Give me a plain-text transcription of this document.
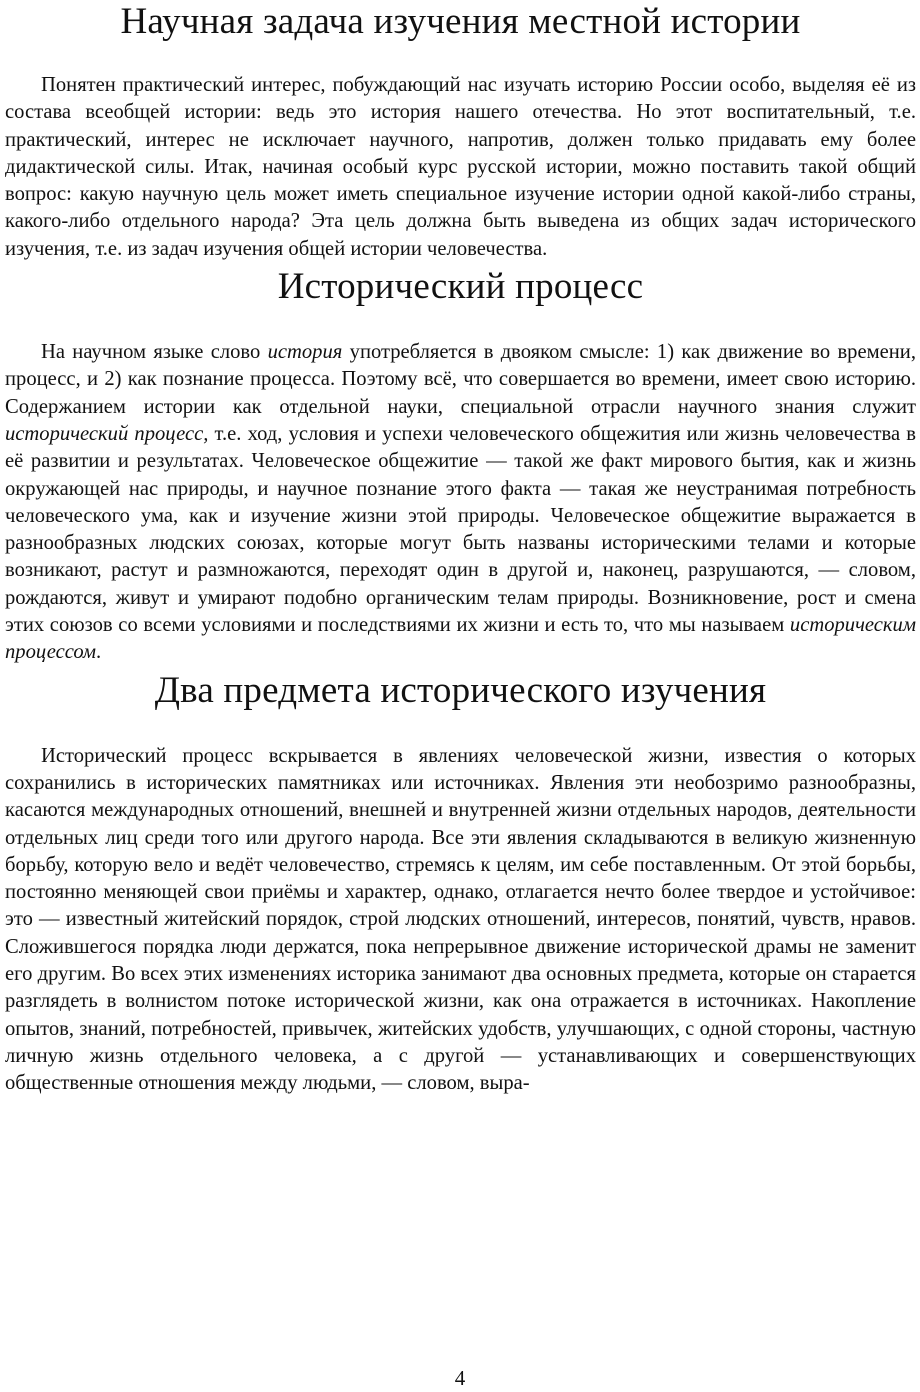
Научная задача изучения местной истории

Понятен практический интерес, побуждающий нас изучать историю России особо, выделяя её из состава всеобщей истории: ведь это история нашего отечества. Но этот воспитательный, т.е. практический, интерес не исключает научного, напротив, должен только придавать ему более дидактической силы. Итак, начиная особый курс русской истории, можно поставить такой общий вопрос: какую научную цель может иметь специальное изучение истории одной какой-либо страны, какого-либо отдельного народа? Эта цель должна быть выведена из общих задач исторического изучения, т.е. из задач изучения общей истории человечества.

Исторический процесс

На научном языке слово история употребляется в двояком смысле: 1) как движение во времени, процесс, и 2) как познание процесса. Поэтому всё, что совершается во времени, имеет свою историю. Содержанием истории как отдельной науки, специальной отрасли научного знания служит исторический процесс, т.е. ход, условия и успехи человеческого общежития или жизнь человечества в её развитии и результатах. Человеческое общежитие — такой же факт мирового бытия, как и жизнь окружающей нас природы, и научное познание этого факта — такая же неустранимая потребность человеческого ума, как и изучение жизни этой природы. Человеческое общежитие выражается в разнообразных людских союзах, которые могут быть названы историческими телами и которые возникают, растут и размножаются, переходят один в другой и, наконец, разрушаются, — словом, рождаются, живут и умирают подобно органическим телам природы. Возникновение, рост и смена этих союзов со всеми условиями и последствиями их жизни и есть то, что мы называем историческим процессом.

Два предмета исторического изучения

Исторический процесс вскрывается в явлениях человеческой жизни, известия о которых сохранились в исторических памятниках или источниках. Явления эти необозримо разнообразны, касаются международных отношений, внешней и внутренней жизни отдельных народов, деятельности отдельных лиц среди того или другого народа. Все эти явления складываются в великую жизненную борьбу, которую вело и ведёт человечество, стремясь к целям, им себе поставленным. От этой борьбы, постоянно меняющей свои приёмы и характер, однако, отлагается нечто более твердое и устойчивое: это — известный житейский порядок, строй людских отношений, интересов, понятий, чувств, нравов. Сложившегося порядка люди держатся, пока непрерывное движение исторической драмы не заменит его другим. Во всех этих изменениях историка занимают два основных предмета, которые он старается разглядеть в волнистом потоке исторической жизни, как она отражается в источниках. Накопление опытов, знаний, потребностей, привычек, житейских удобств, улучшающих, с одной стороны, частную личную жизнь отдельного человека, а с другой — устанавливающих и совершенствующих общественные отношения между людьми, — словом, выра-

4
